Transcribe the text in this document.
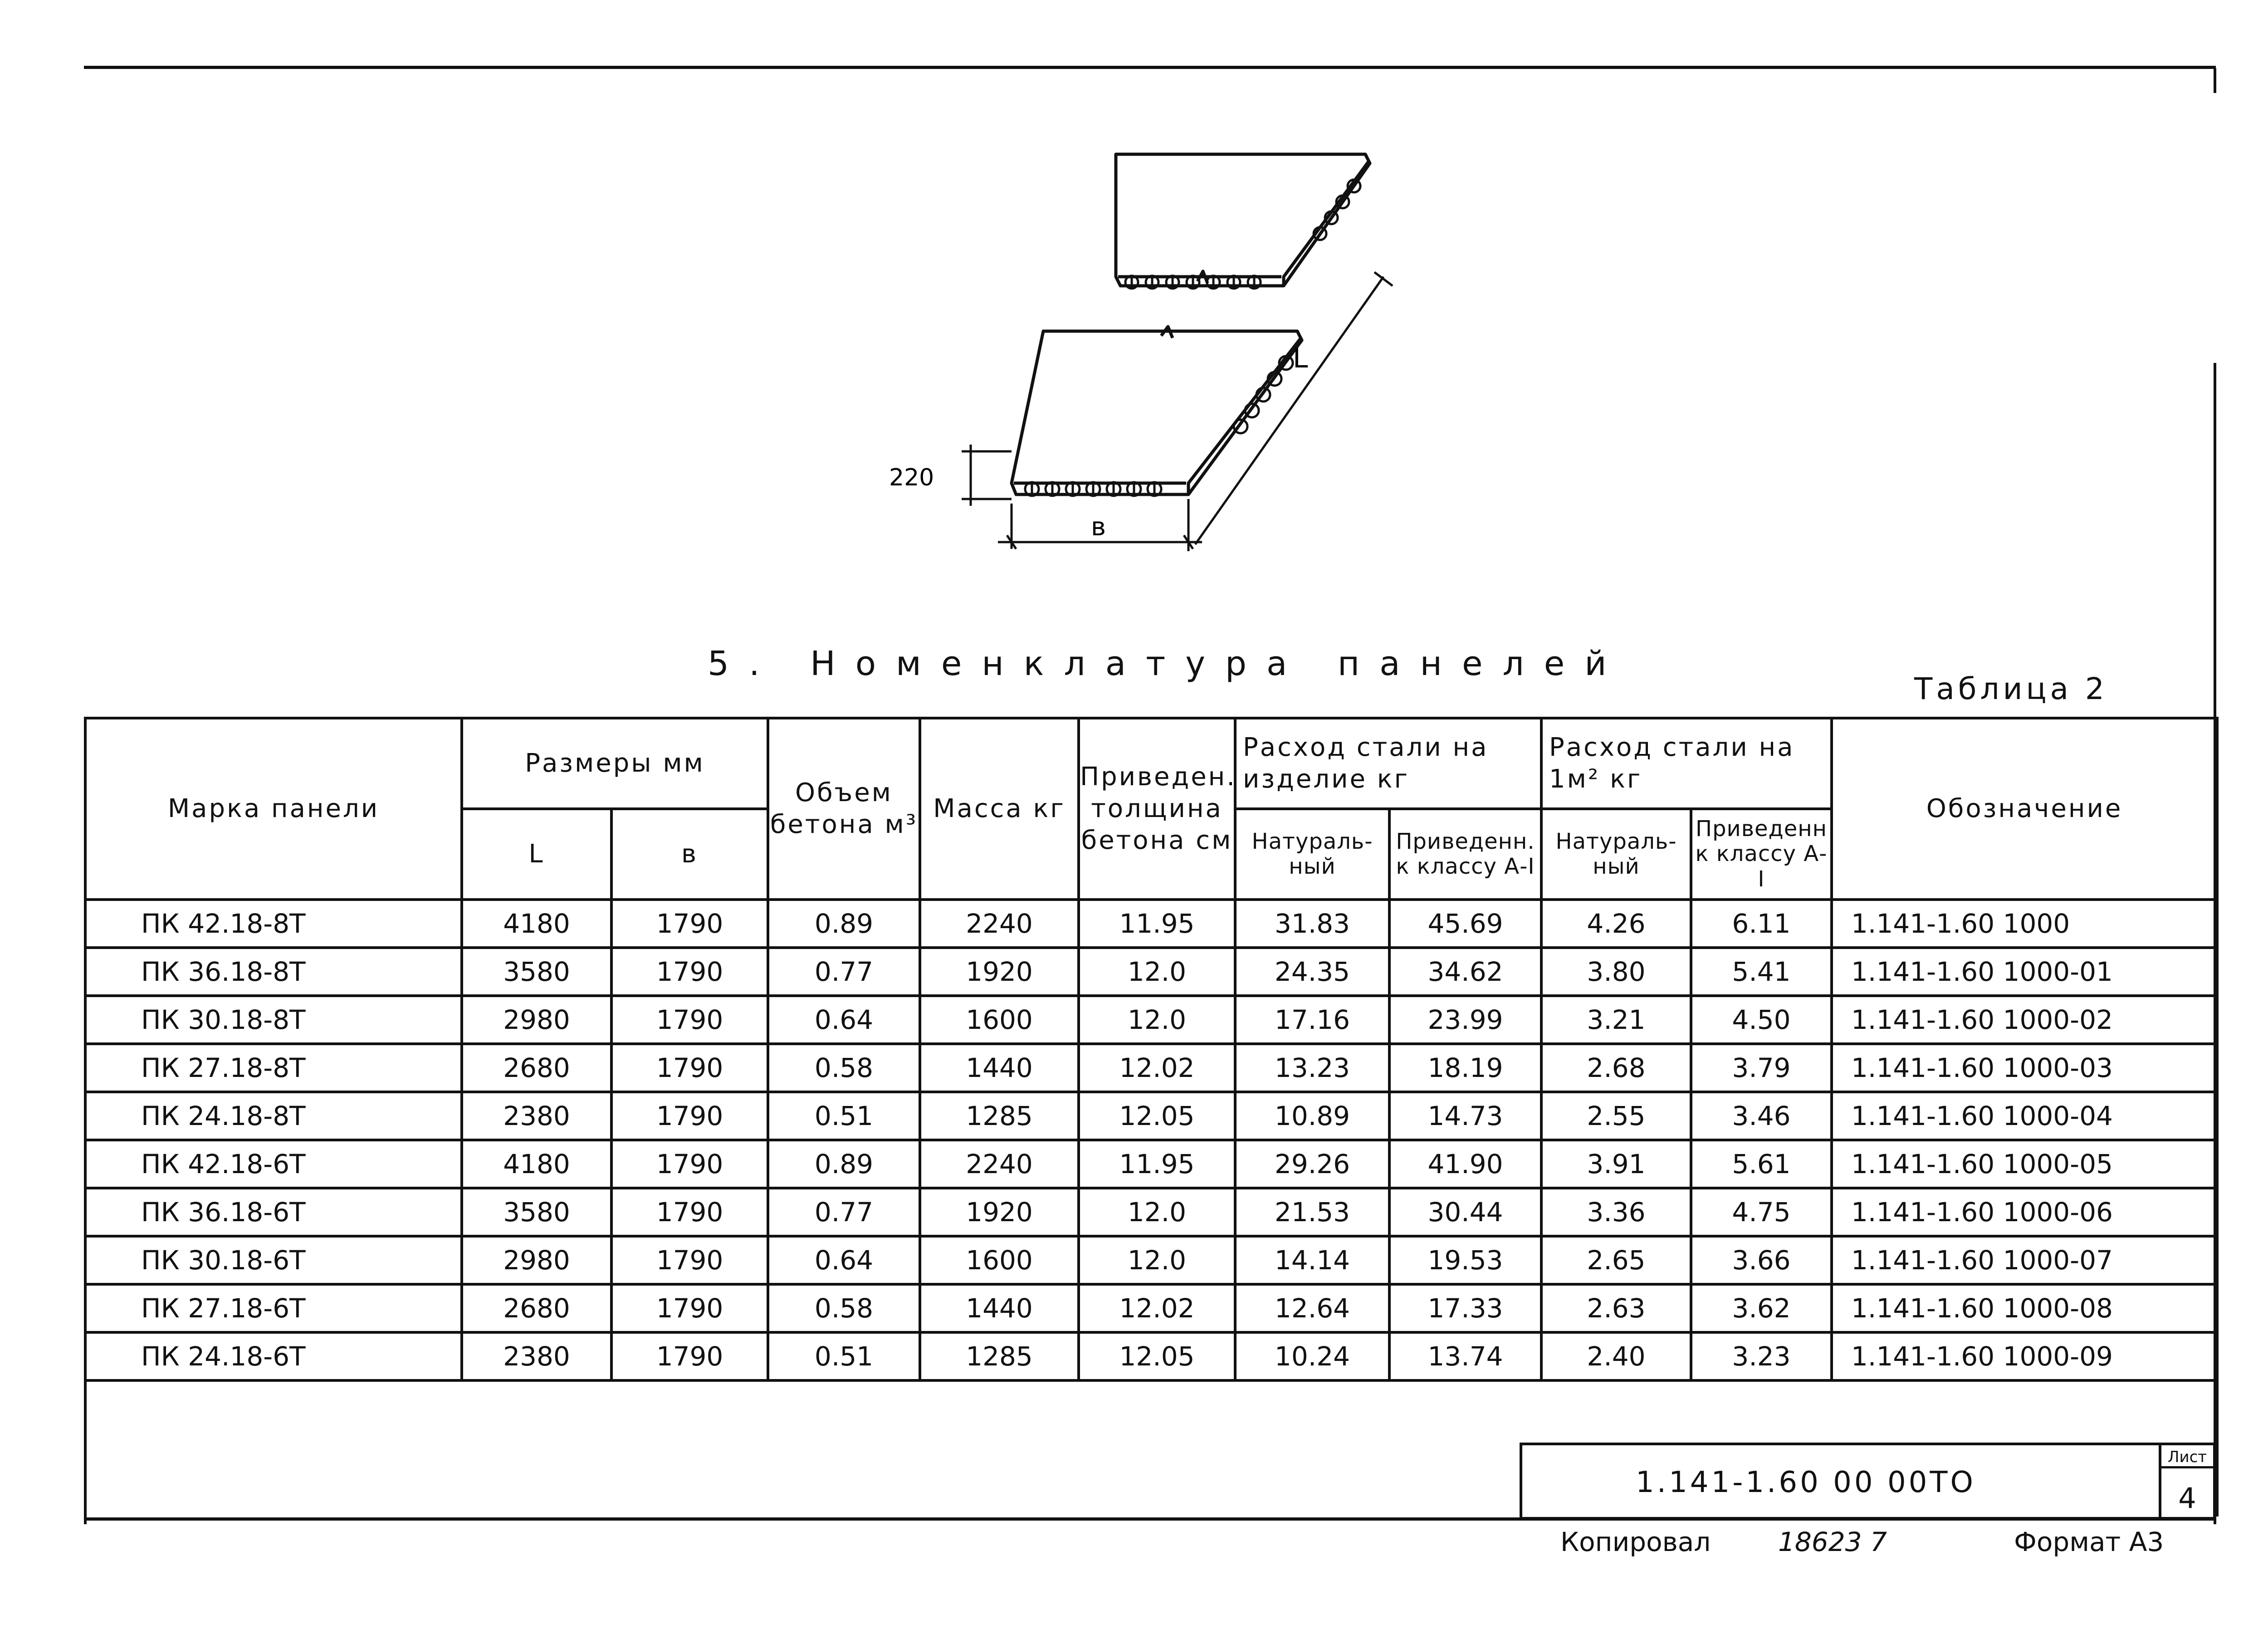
220
в
L
5. Номенклатура панелей
Таблица 2
Марка панели	Размеры мм		Объем бетона м³	Масса кг	Приведен. толщина бетона см	Расход стали на изделие кг		Расход стали на 1м² кг		Обозначение
	L	в				Натураль-ный	Приведенн. к классу А-I	Натураль-ный	Приведенн к классу А-I	
ПК 42.18-8Т	4180	1790	0.89	2240	11.95	31.83	45.69	4.26	6.11	1.141-1.60 1000
ПК 36.18-8Т	3580	1790	0.77	1920	12.0	24.35	34.62	3.80	5.41	1.141-1.60 1000-01
ПК 30.18-8Т	2980	1790	0.64	1600	12.0	17.16	23.99	3.21	4.50	1.141-1.60 1000-02
ПК 27.18-8Т	2680	1790	0.58	1440	12.02	13.23	18.19	2.68	3.79	1.141-1.60 1000-03
ПК 24.18-8Т	2380	1790	0.51	1285	12.05	10.89	14.73	2.55	3.46	1.141-1.60 1000-04
ПК 42.18-6Т	4180	1790	0.89	2240	11.95	29.26	41.90	3.91	5.61	1.141-1.60 1000-05
ПК 36.18-6Т	3580	1790	0.77	1920	12.0	21.53	30.44	3.36	4.75	1.141-1.60 1000-06
ПК 30.18-6Т	2980	1790	0.64	1600	12.0	14.14	19.53	2.65	3.66	1.141-1.60 1000-07
ПК 27.18-6Т	2680	1790	0.58	1440	12.02	12.64	17.33	2.63	3.62	1.141-1.60 1000-08
ПК 24.18-6Т	2380	1790	0.51	1285	12.05	10.24	13.74	2.40	3.23	1.141-1.60 1000-09

1.141-1.60 00 00ТО
Лист
4
Копировал	18623 7	Формат А3
